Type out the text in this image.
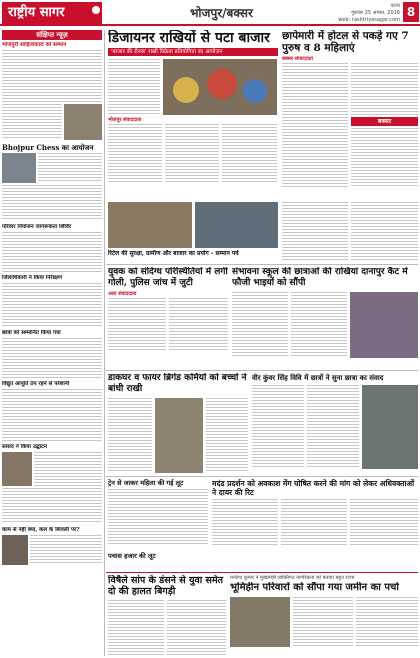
राष्ट्रीय सागर	भोजपुर/बक्सर	पटना
गुरुवार 25 अगस्त, 2016
web: rashtriyasagar.com
8
संक्षिप्त न्यूज़
भोजपुरी साहित्यकारों को सम्मान
Bhojpur Chess का आयोजन
परिवार नियोजन जागरूकता शिविर
जिलाधिकारी ने किया निरीक्षण
छात्रों को सम्मानित किया गया
विद्युत आपूर्ति ठप रहने से परेशानी
सांसद ने किया उद्घाटन
काम से नहीं क्या, कल के बिजली पर?
डिजायनर राखियों से पटा बाजार
'बाजार की रौनक' राखी विक्रेता प्रतियोगिता का आयोजन
भोजपुर संवाददाता
छापेमारी में होटल से पकड़े गए 7 पुरुष व 8 महिलाएं
बक्सर संवाददाता
बक्सर
रिटेल की सुरक्षा, ग्रामीण और बाजार का प्रयोग - सम्मान पर्व
युवक को संदिग्ध परिस्थितियों में लगी गोली, पुलिस जांच में जुटी
आरा संवाददाता
संभावना स्कूल की छात्राओं की राखियां दानापुर कैंट में फौजी भाइयों को सौंपी
डाकघर व फायर ब्रिगेड कर्मियों को बच्चों ने बांधी राखी
वीर कुंवर सिंह विवि में छात्रों ने सुना छात्रा का संवाद
ट्रेन से जाकर महिला की गई लूट	मदंड प्रदर्शन को अवकाश मेंग घोषित करने की मांग को लेकर अधिवक्ताओं ने दायर की रिट
पचास हजार की लूट
विषैले सांप के डंसने से युवा समेत दो की हालत बिगड़ी
मनोरथ कुमार ने मुख्यमंत्री व्यक्तिगत नागरिकता को बताया बहुत राज्य
भूमिहीन परिवारों को सौंपा गया जमीन का पर्चा
